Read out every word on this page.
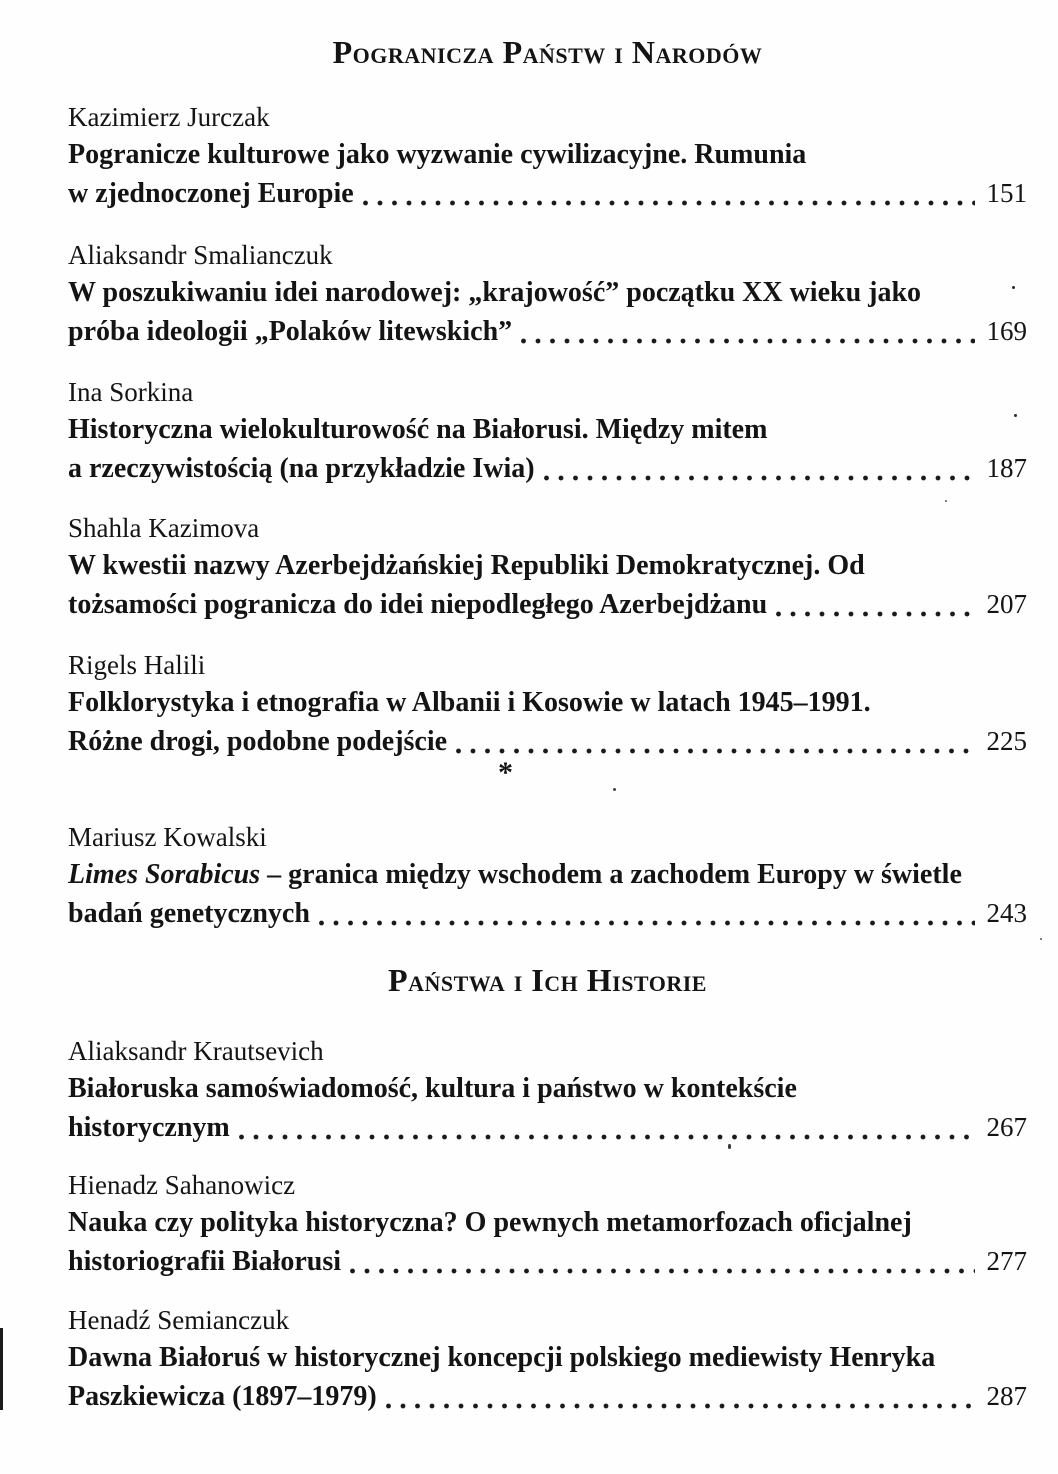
Pogranicza Państw i Narodów
Kazimierz Jurczak
Pogranicze kulturowe jako wyzwanie cywilizacyjne. Rumunia
w zjednoczonej Europie	151
Aliaksandr Smalianczuk
W poszukiwaniu idei narodowej: „krajowość” początku XX wieku jako
próba ideologii „Polaków litewskich”	169
Ina Sorkina
Historyczna wielokulturowość na Białorusi. Między mitem
a rzeczywistością (na przykładzie Iwia)	187
Shahla Kazimova
W kwestii nazwy Azerbejdżańskiej Republiki Demokratycznej. Od
tożsamości pogranicza do idei niepodległego Azerbejdżanu	207
Rigels Halili
Folklorystyka i etnografia w Albanii i Kosowie w latach 1945–1991.
Różne drogi, podobne podejście	225
*
Mariusz Kowalski
Limes Sorabicus – granica między wschodem a zachodem Europy w świetle
badań genetycznych	243
Państwa i Ich Historie
Aliaksandr Krautsevich
Białoruska samoświadomość, kultura i państwo w kontekście
historycznym	267
Hienadz Sahanowicz
Nauka czy polityka historyczna? O pewnych metamorfozach oficjalnej
historiografii Białorusi	277
Henadź Semianczuk
Dawna Białoruś w historycznej koncepcji polskiego mediewisty Henryka
Paszkiewicza (1897–1979)	287
